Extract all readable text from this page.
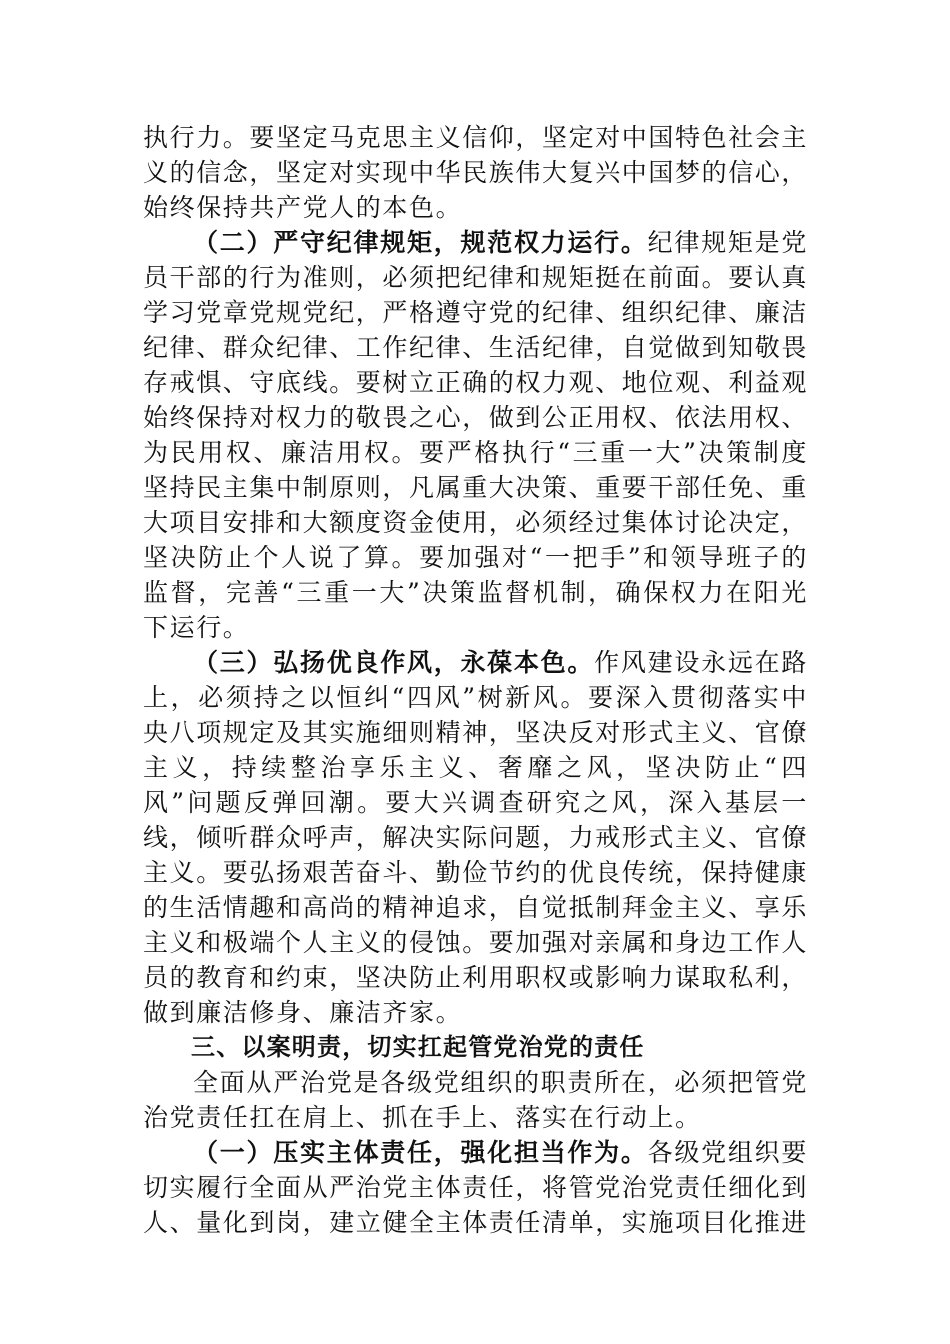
执行力。要坚定马克思主义信仰，坚定对中国特色社会主义的信念，坚定对实现中华民族伟大复兴中国梦的信心，始终保持共产党人的本色。

（二）严守纪律规矩，规范权力运行。纪律规矩是党员干部的行为准则，必须把纪律和规矩挺在前面。要认真学习党章党规党纪，严格遵守党的纪律、组织纪律、廉洁纪律、群众纪律、工作纪律、生活纪律，自觉做到知敬畏存戒惧、守底线。要树立正确的权力观、地位观、利益观始终保持对权力的敬畏之心，做到公正用权、依法用权、为民用权、廉洁用权。要严格执行“三重一大”决策制度坚持民主集中制原则，凡属重大决策、重要干部任免、重大项目安排和大额度资金使用，必须经过集体讨论决定，坚决防止个人说了算。要加强对“一把手”和领导班子的监督，完善“三重一大”决策监督机制，确保权力在阳光下运行。

（三）弘扬优良作风，永葆本色。作风建设永远在路上，必须持之以恒纠“四风”树新风。要深入贯彻落实中央八项规定及其实施细则精神，坚决反对形式主义、官僚主义，持续整治享乐主义、奢靡之风，坚决防止“四风”问题反弹回潮。要大兴调查研究之风，深入基层一线，倾听群众呼声，解决实际问题，力戒形式主义、官僚主义。要弘扬艰苦奋斗、勤俭节约的优良传统，保持健康的生活情趣和高尚的精神追求，自觉抵制拜金主义、享乐主义和极端个人主义的侵蚀。要加强对亲属和身边工作人员的教育和约束，坚决防止利用职权或影响力谋取私利，做到廉洁修身、廉洁齐家。

三、以案明责，切实扛起管党治党的责任

全面从严治党是各级党组织的职责所在，必须把管党治党责任扛在肩上、抓在手上、落实在行动上。

（一）压实主体责任，强化担当作为。各级党组织要切实履行全面从严治党主体责任，将管党治党责任细化到人、量化到岗，建立健全主体责任清单，实施项目化推进
